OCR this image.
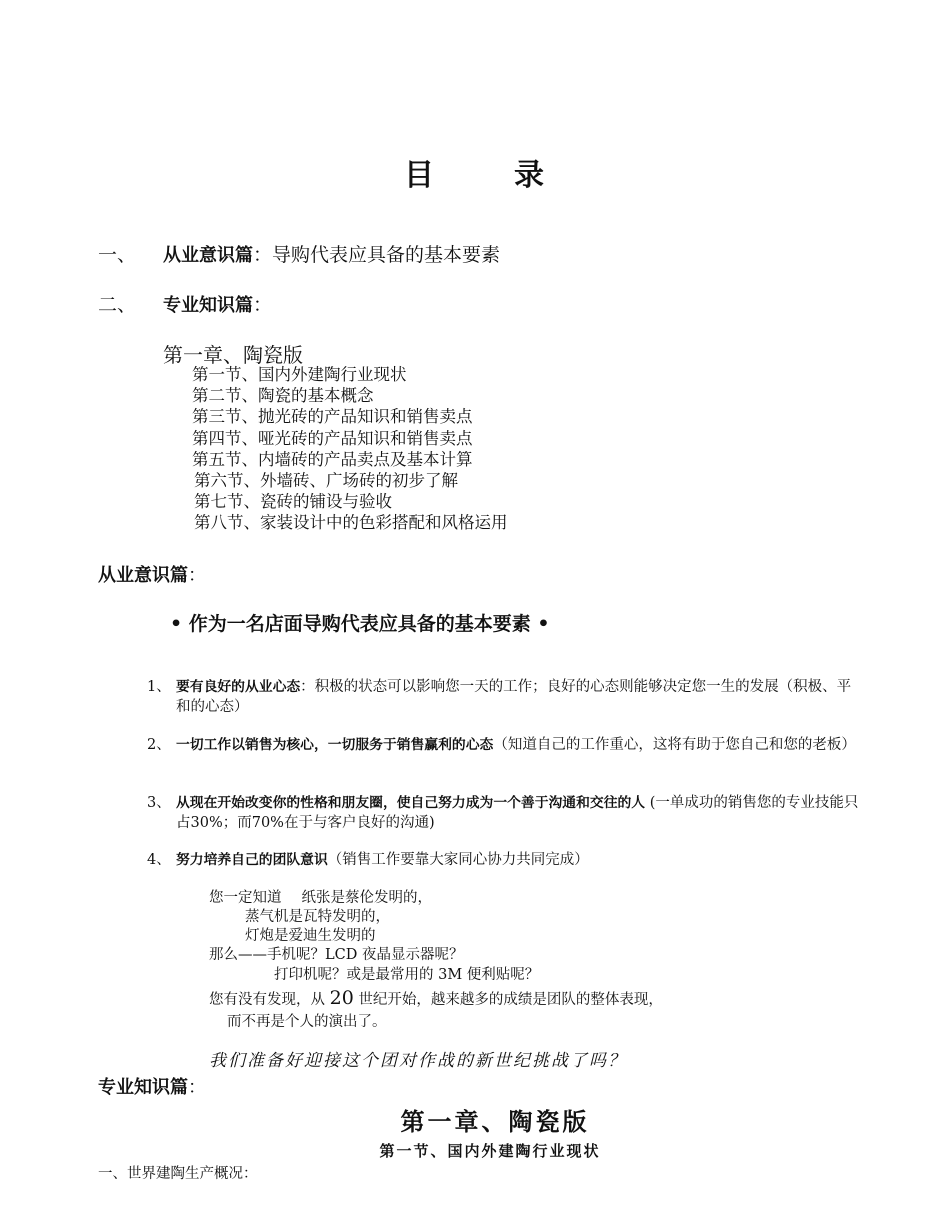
目	录
一、 从业意识篇：导购代表应具备的基本要素
二、 专业知识篇：
第一章、陶瓷版
第一节、国内外建陶行业现状
第二节、陶瓷的基本概念
第三节、抛光砖的产品知识和销售卖点
第四节、哑光砖的产品知识和销售卖点
第五节、内墙砖的产品卖点及基本计算
第六节、外墙砖、广场砖的初步了解
第七节、瓷砖的铺设与验收
第八节、家装设计中的色彩搭配和风格运用
从业意识篇：
• 作为一名店面导购代表应具备的基本要素 •
1、 要有良好的从业心态：积极的状态可以影响您一天的工作；良好的心态则能够决定您一生的发展（积极、平和的心态）
2、 一切工作以销售为核心，一切服务于销售赢利的心态（知道自己的工作重心，这将有助于您自己和您的老板）
3、 从现在开始改变你的性格和朋友圈，使自己努力成为一个善于沟通和交往的人 (一单成功的销售您的专业技能只占30%；而70%在于与客户良好的沟通)
4、 努力培养自己的团队意识（销售工作要靠大家同心协力共同完成）
您一定知道 纸张是蔡伦发明的，
蒸气机是瓦特发明的，
灯炮是爱迪生发明的
那么——手机呢？LCD 夜晶显示器呢？
打印机呢？或是最常用的 3M 便利贴呢？
您有没有发现，从 20 世纪开始，越来越多的成绩是团队的整体表现，
而不再是个人的演出了。
我们准备好迎接这个团对作战的新世纪挑战了吗？
专业知识篇：
第一章、陶瓷版
第一节、国内外建陶行业现状
一、世界建陶生产概况：
